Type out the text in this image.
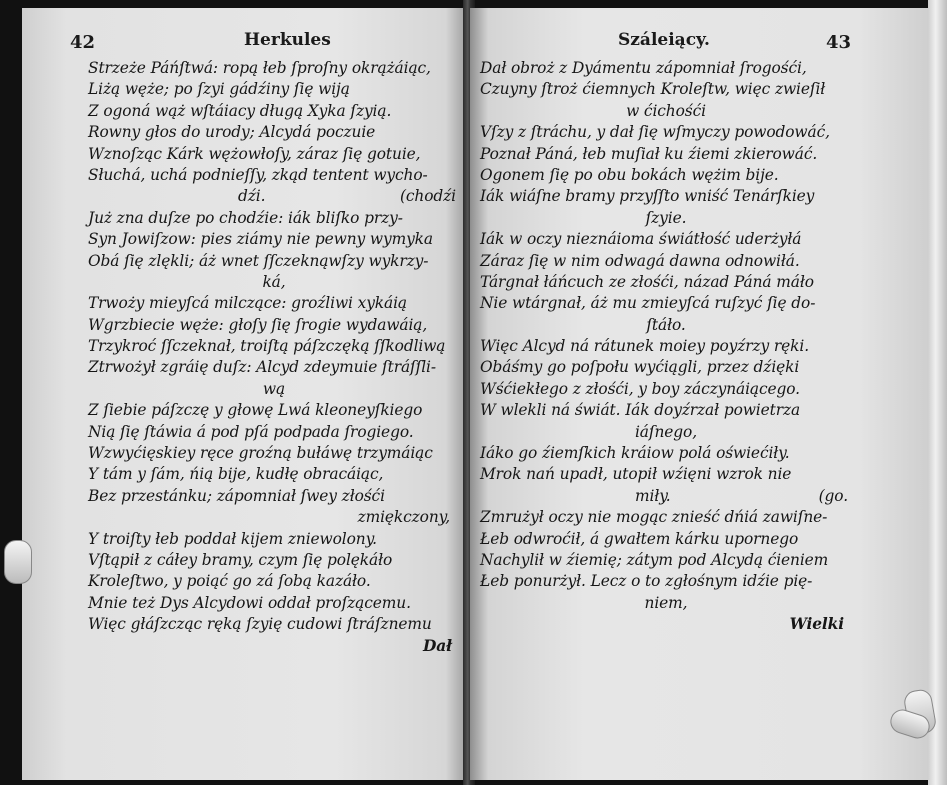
42	Herkules
Strzeże Páńſtwá: ropą łeb ſproſny okrążáiąc,
Liżą węże; po ſzyi gádźiny ſię wiją
Z ogoná wąż wſtáiacy długą Xyka ſzyią.
Rowny głos do urody; Alcydá poczuie
Wznoſząc Kárk wężowłoſy, záraz ſię gotuie,
Słuchá, uchá podnieſſy, zkąd tentent wycho-
dźi.	(chodźi
Już zna duſze po chodźie: iák bliſko przy-
Syn Jowiſzow: pies ziámy nie pewny wymyka
Obá ſię zlękli; áż wnet ſſczeknąwſzy wykrzy-
ká,
Trwoży mieyſcá milczące: groźliwi xykáią
Wgrzbiecie węże: głoſy ſię ſrogie wydawáią,
Trzykroć ſſczeknał, troiſtą páſzczęką ſſkodliwą
Ztrwożył zgráię duſz: Alcyd zdeymuie ſtráſſli-
wą
Z ſiebie páſzczę y głowę Lwá kleoneyſkiego
Nią ſię ſtáwia á pod pſá podpada ſrogiego.
Wzwyćięskiey ręce groźną bułáwę trzymáiąc
Y tám y ſám, ńią bije, kudłę obracáiąc,
Bez przestánku; zápomniał ſwey złośći
zmiękczony,
Y troiſty łeb poddał kijem zniewolony.
Vſtąpił z cáłey bramy, czym ſię polękáło
Kroleſtwo, y poiąć go zá ſobą kazáło.
Mnie też Dys Alcydowi oddał proſzącemu.
Więc głáſzcząc ręką ſzyię cudowi ſtráſznemu
Dał
Száleiący.	43
Dał obroż z Dyámentu zápomniał ſrogośći,
Czuyny ſtroż ćiemnych Kroleſtw, więc zwieſił
w ćichośći
Vſzy z ſtráchu, y dał ſię wſmyczy powodowáć,
Poznał Páná, łeb muſiał ku źiemi zkierowáć.
Ogonem ſię po obu bokách wężim bije.
Iák wiáſne bramy przyſſto wniść Tenárſkiey
ſzyie.
Iák w oczy nieznáioma świátłość uderżyłá
Záraz ſię w nim odwagá dawna odnowiłá.
Tárgnał łáńcuch ze złośći, názad Páná máło
Nie wtárgnał, áż mu zmieyſcá ruſzyć ſię do-
ſtáło.
Więc Alcyd ná rátunek moiey poyźrzy ręki.
Obáśmy go poſpołu wyćiągli, przez dźięki
Wśćiekłego z złośći, y boy záczynáiącego.
W wlekli ná świát. Iák doyźrzał powietrza
iáſnego,
Iáko go źiemſkich kráiow polá oświećiły.
Mrok nań upadł, utopił wźięni wzrok nie
miły.	(go.
Zmrużył oczy nie mogąc znieść dńiá zawiſne-
Łeb odwroćił, á gwałtem kárku upornego
Nachylił w źiemię; zátym pod Alcydą ćieniem
Łeb ponurżył. Lecz o to zgłośnym idźie pię-
niem,
Wielki
